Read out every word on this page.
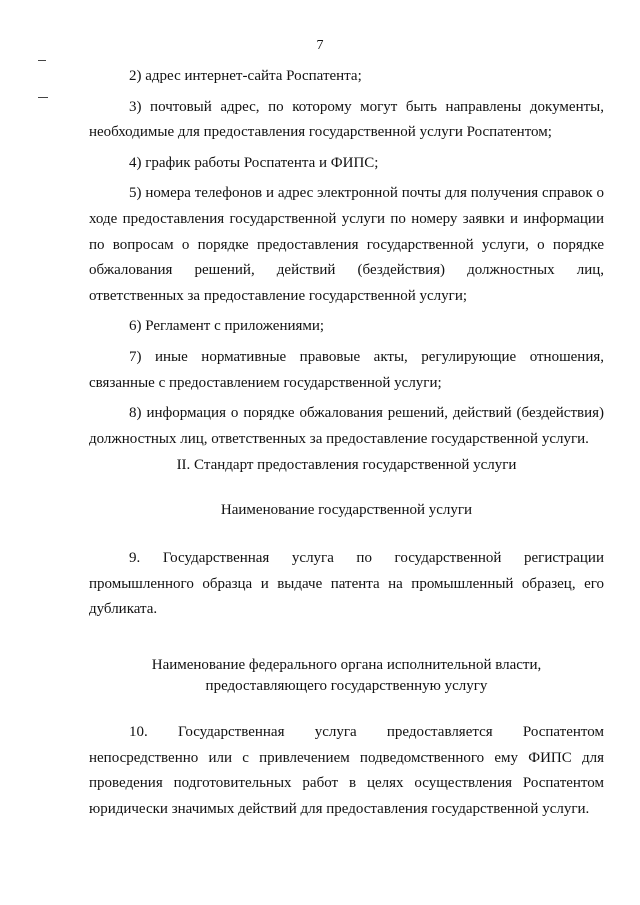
7

2) адрес интернет-сайта Роспатента;

3) почтовый адрес, по которому могут быть направлены документы, необходимые для предоставления государственной услуги Роспатентом;

4) график работы Роспатента и ФИПС;

5) номера телефонов и адрес электронной почты для получения справок о ходе предоставления государственной услуги по номеру заявки и информации по вопросам о порядке предоставления государственной услуги, о порядке обжалования решений, действий (бездействия) должностных лиц, ответственных за предоставление государственной услуги;

6) Регламент с приложениями;

7) иные нормативные правовые акты, регулирующие отношения, связанные с предоставлением государственной услуги;

8) информация о порядке обжалования решений, действий (бездействия) должностных лиц, ответственных за предоставление государственной услуги.

II. Стандарт предоставления государственной услуги

Наименование государственной услуги

9. Государственная услуга по государственной регистрации промышленного образца и выдаче патента на промышленный образец, его дубликата.

Наименование федерального органа исполнительной власти,

предоставляющего государственную услугу

10. Государственная услуга предоставляется Роспатентом непосредственно или с привлечением подведомственного ему ФИПС для проведения подготовительных работ в целях осуществления Роспатентом юридически значимых действий для предоставления государственной услуги.
